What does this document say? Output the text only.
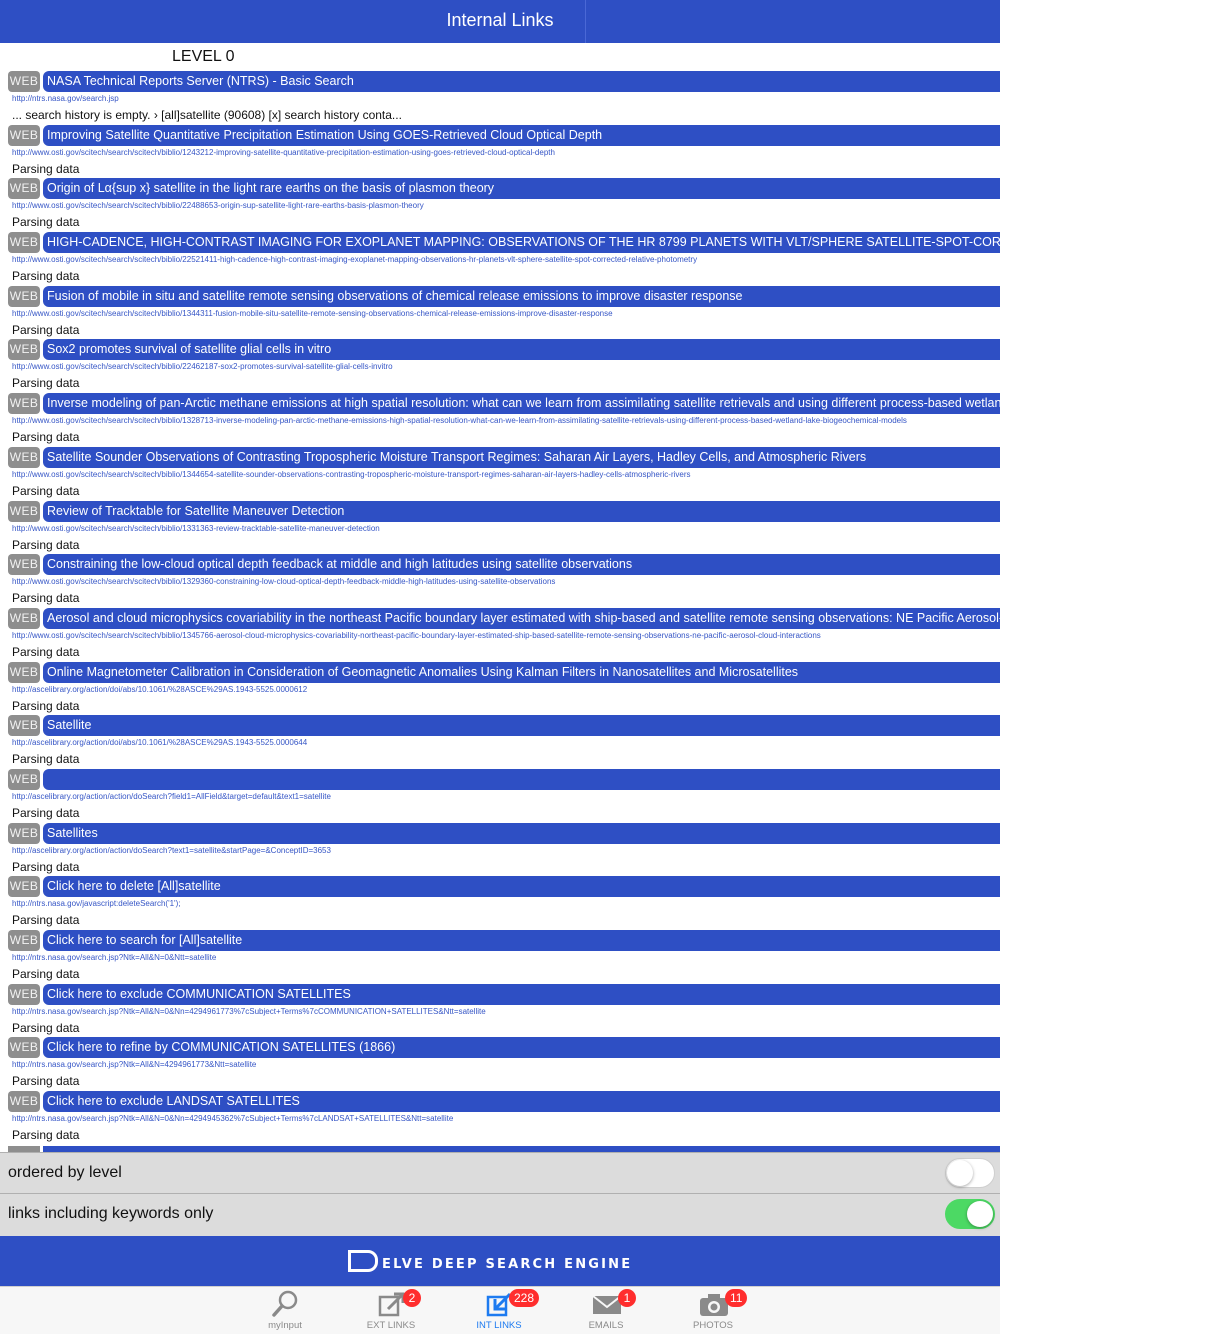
Internal Links
LEVEL 0
WEB NASA Technical Reports Server (NTRS) - Basic Search
http://ntrs.nasa.gov/search.jsp
... search history is empty. › [all]satellite (90608) [x] search history conta...
WEB Improving Satellite Quantitative Precipitation Estimation Using GOES-Retrieved Cloud Optical Depth
http://www.osti.gov/scitech/search/scitech/biblio/1243212-improving-satellite-quantitative-precipitation-estimation-using-goes-retrieved-cloud-optical-depth
Parsing data
WEB Origin of Lα{sup x} satellite in the light rare earths on the basis of plasmon theory
http://www.osti.gov/scitech/search/scitech/biblio/22488653-origin-sup-satellite-light-rare-earths-basis-plasmon-theory
Parsing data
WEB HIGH-CADENCE, HIGH-CONTRAST IMAGING FOR EXOPLANET MAPPING: OBSERVATIONS OF THE HR 8799 PLANETS WITH VLT/SPHERE SATELLITE-SPOT-CORRECTED RELATIVE PHOTOMETRY
http://www.osti.gov/scitech/search/scitech/biblio/22521411-high-cadence-high-contrast-imaging-exoplanet-mapping-observations-hr-planets-vlt-sphere-satellite-spot-corrected-relative-photometry
Parsing data
WEB Fusion of mobile in situ and satellite remote sensing observations of chemical release emissions to improve disaster response
http://www.osti.gov/scitech/search/scitech/biblio/1344311-fusion-mobile-situ-satellite-remote-sensing-observations-chemical-release-emissions-improve-disaster-response
Parsing data
WEB Sox2 promotes survival of satellite glial cells in vitro
http://www.osti.gov/scitech/search/scitech/biblio/22462187-sox2-promotes-survival-satellite-glial-cells-invitro
Parsing data
WEB Inverse modeling of pan-Arctic methane emissions at high spatial resolution: what can we learn from assimilating satellite retrievals and using different process-based wetland and lake biogeochemical models
http://www.osti.gov/scitech/search/scitech/biblio/1328713-inverse-modeling-pan-arctic-methane-emissions-high-spatial-resolution-what-can-we-learn-from-assimilating-satellite-retrievals-using-different-process-based-wetland-lake-biogeochemical-models
Parsing data
WEB Satellite Sounder Observations of Contrasting Tropospheric Moisture Transport Regimes: Saharan Air Layers, Hadley Cells, and Atmospheric Rivers
http://www.osti.gov/scitech/search/scitech/biblio/1344654-satellite-sounder-observations-contrasting-tropospheric-moisture-transport-regimes-saharan-air-layers-hadley-cells-atmospheric-rivers
Parsing data
WEB Review of Tracktable for Satellite Maneuver Detection
http://www.osti.gov/scitech/search/scitech/biblio/1331363-review-tracktable-satellite-maneuver-detection
Parsing data
WEB Constraining the low-cloud optical depth feedback at middle and high latitudes using satellite observations
http://www.osti.gov/scitech/search/scitech/biblio/1329360-constraining-low-cloud-optical-depth-feedback-middle-high-latitudes-using-satellite-observations
Parsing data
WEB Aerosol and cloud microphysics covariability in the northeast Pacific boundary layer estimated with ship-based and satellite remote sensing observations: NE Pacific Aerosol-Cloud Interactions
http://www.osti.gov/scitech/search/scitech/biblio/1345766-aerosol-cloud-microphysics-covariability-northeast-pacific-boundary-layer-estimated-ship-based-satellite-remote-sensing-observations-ne-pacific-aerosol-cloud-interactions
Parsing data
WEB Online Magnetometer Calibration in Consideration of Geomagnetic Anomalies Using Kalman Filters in Nanosatellites and Microsatellites
http://ascelibrary.org/action/doi/abs/10.1061/%28ASCE%29AS.1943-5525.0000612
Parsing data
WEB Satellite
http://ascelibrary.org/action/doi/abs/10.1061/%28ASCE%29AS.1943-5525.0000644
Parsing data
WEB
http://ascelibrary.org/action/action/doSearch?field1=AllField&target=default&text1=satellite
Parsing data
WEB Satellites
http://ascelibrary.org/action/action/doSearch?text1=satellite&startPage=&ConceptID=3653
Parsing data
WEB Click here to delete [All]satellite
http://ntrs.nasa.gov/javascript:deleteSearch('1');
Parsing data
WEB Click here to search for [All]satellite
http://ntrs.nasa.gov/search.jsp?Ntk=All&N=0&Ntt=satellite
Parsing data
WEB Click here to exclude COMMUNICATION SATELLITES
http://ntrs.nasa.gov/search.jsp?Ntk=All&N=0&Nn=4294961773%7cSubject+Terms%7cCOMMUNICATION+SATELLITES&Ntt=satellite
Parsing data
WEB Click here to refine by COMMUNICATION SATELLITES (1866)
http://ntrs.nasa.gov/search.jsp?Ntk=All&N=4294961773&Ntt=satellite
Parsing data
WEB Click here to exclude LANDSAT SATELLITES
http://ntrs.nasa.gov/search.jsp?Ntk=All&N=0&Nn=4294945362%7cSubject+Terms%7cLANDSAT+SATELLITES&Ntt=satellite
Parsing data
ordered by level
links including keywords only
ELVE DEEP SEARCH ENGINE
myInput
2
EXT LINKS
228
INT LINKS
1
EMAILS
11
PHOTOS
